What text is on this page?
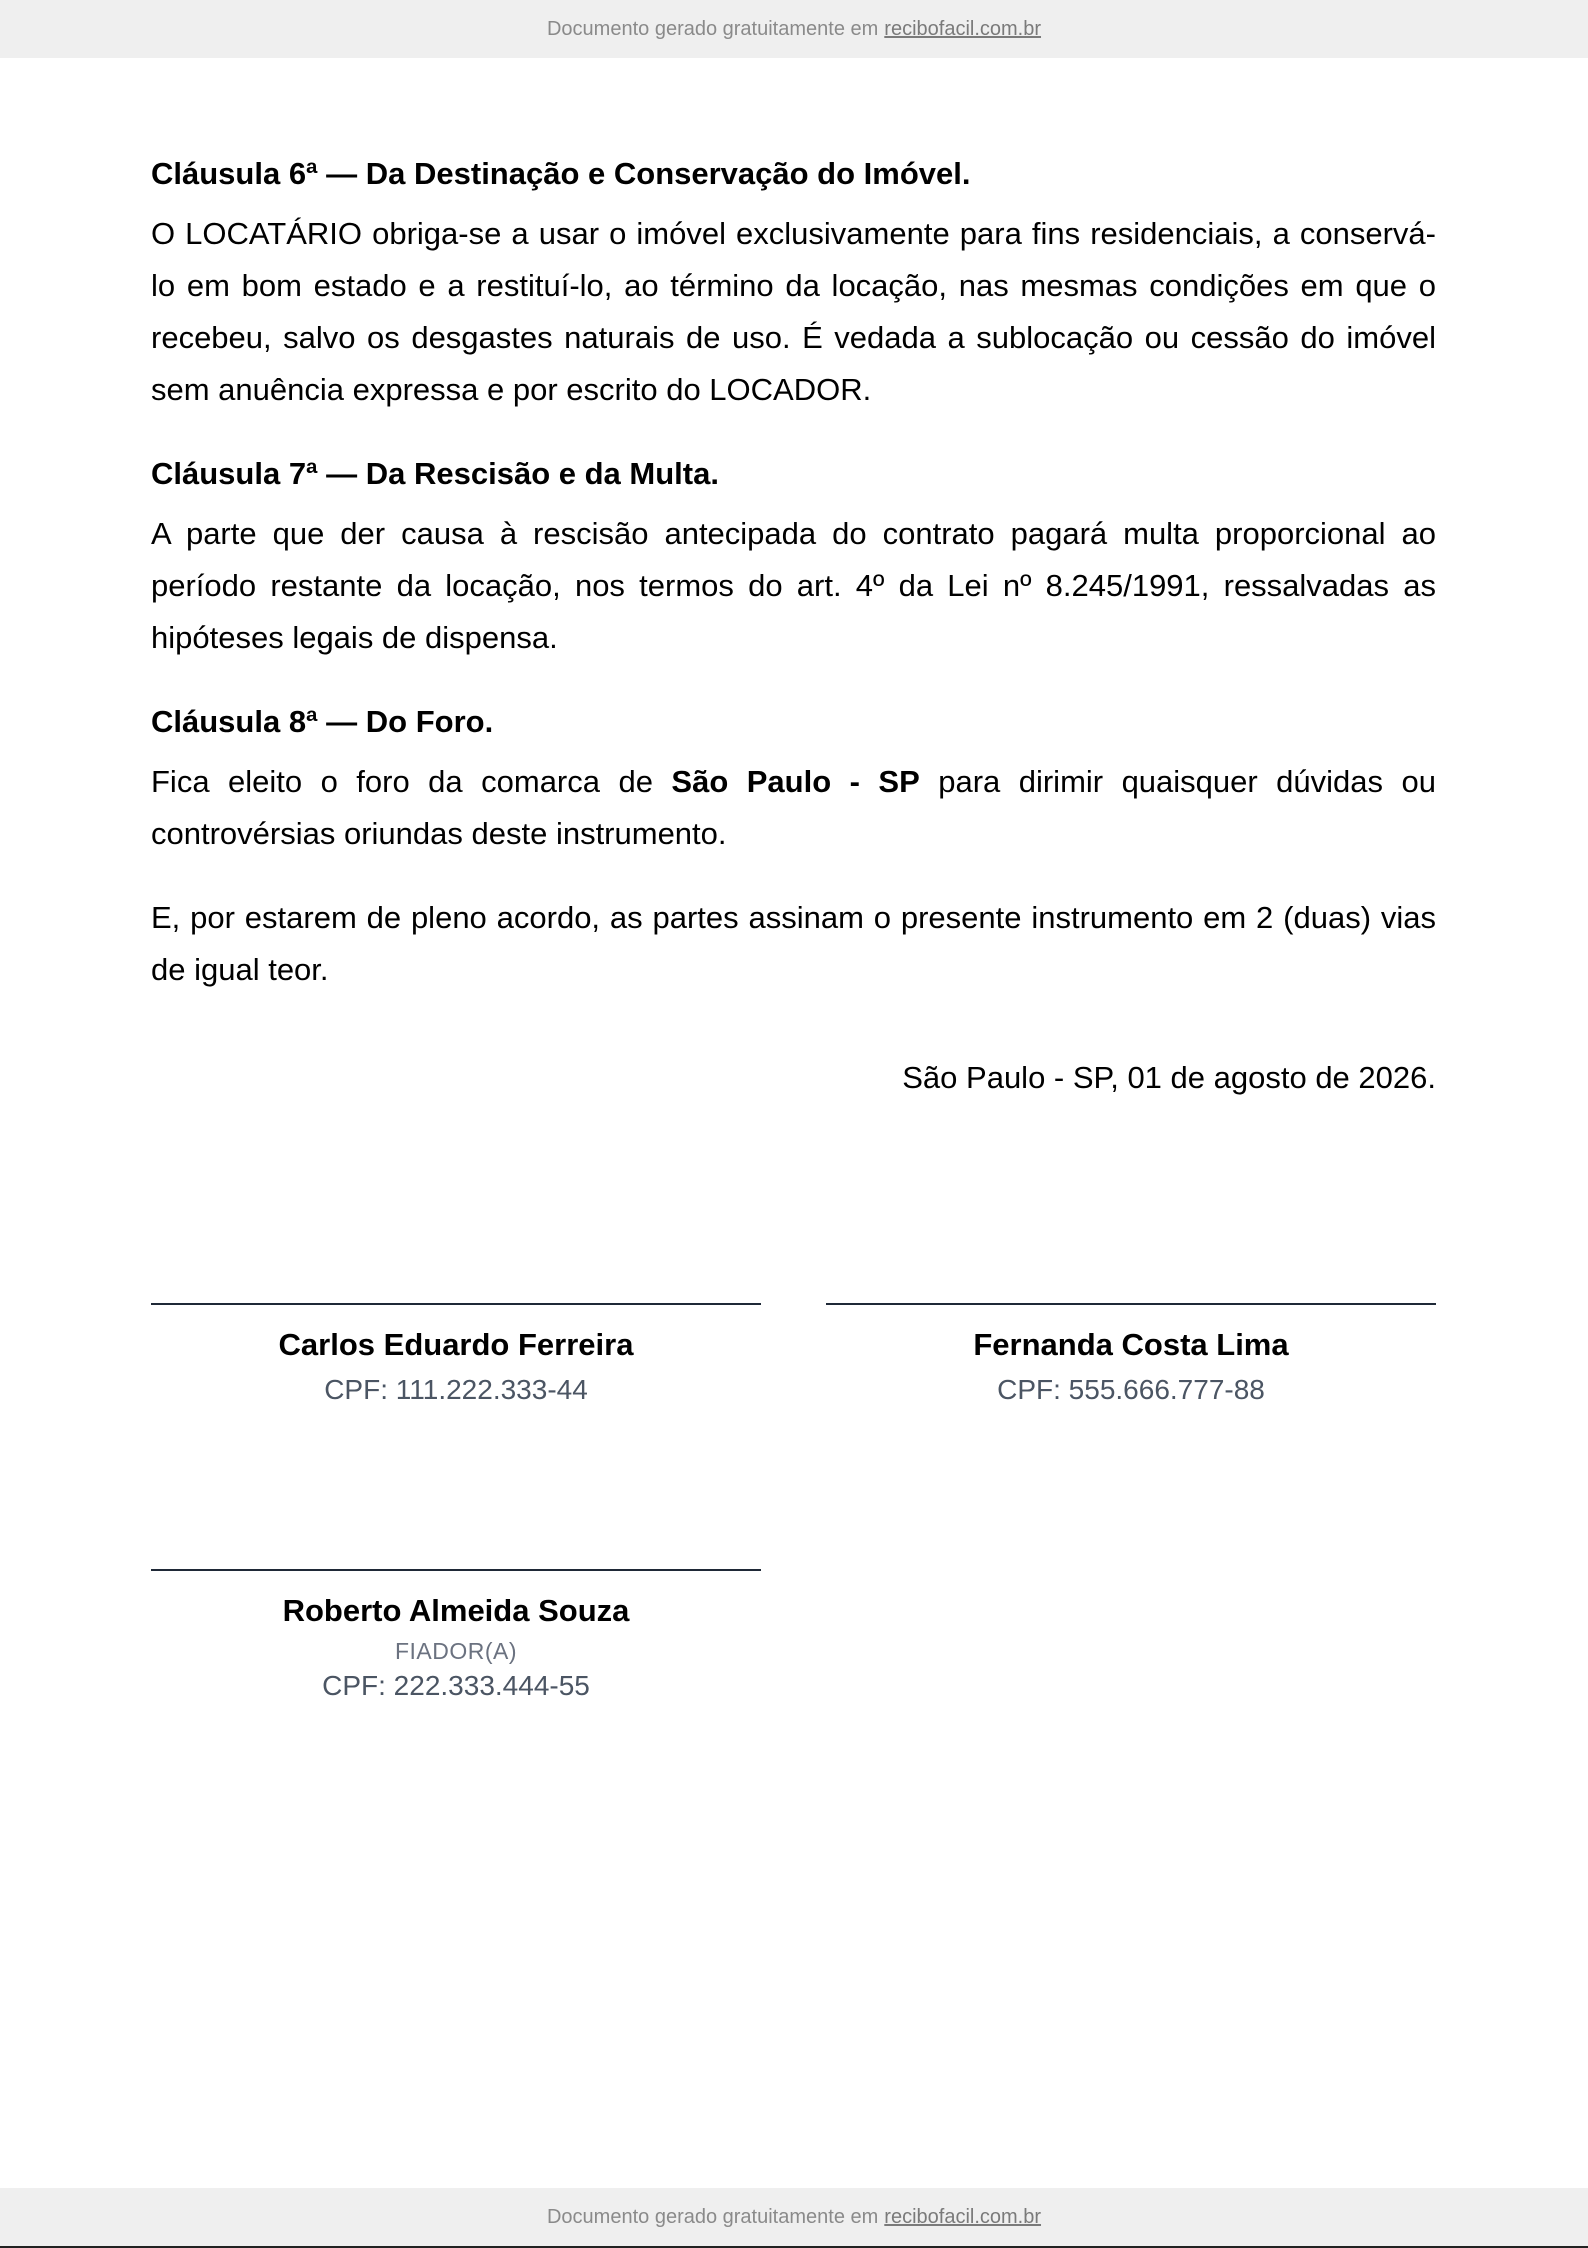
Documento gerado gratuitamente em recibofacil.com.br
Cláusula 6ª — Da Destinação e Conservação do Imóvel.

O LOCATÁRIO obriga-se a usar o imóvel exclusivamente para fins residenciais, a conservá-lo em bom estado e a restituí-lo, ao término da locação, nas mesmas condições em que o recebeu, salvo os desgastes naturais de uso. É vedada a sublocação ou cessão do imóvel sem anuência expressa e por escrito do LOCADOR.

Cláusula 7ª — Da Rescisão e da Multa.

A parte que der causa à rescisão antecipada do contrato pagará multa proporcional ao período restante da locação, nos termos do art. 4º da Lei nº 8.245/1991, ressalvadas as hipóteses legais de dispensa.

Cláusula 8ª — Do Foro.

Fica eleito o foro da comarca de São Paulo - SP para dirimir quaisquer dúvidas ou controvérsias oriundas deste instrumento.

E, por estarem de pleno acordo, as partes assinam o presente instrumento em 2 (duas) vias de igual teor.

São Paulo - SP, 01 de agosto de 2026.
Carlos Eduardo Ferreira
CPF: 111.222.333-44
Fernanda Costa Lima
CPF: 555.666.777-88
Roberto Almeida Souza
FIADOR(A)
CPF: 222.333.444-55
Documento gerado gratuitamente em recibofacil.com.br
